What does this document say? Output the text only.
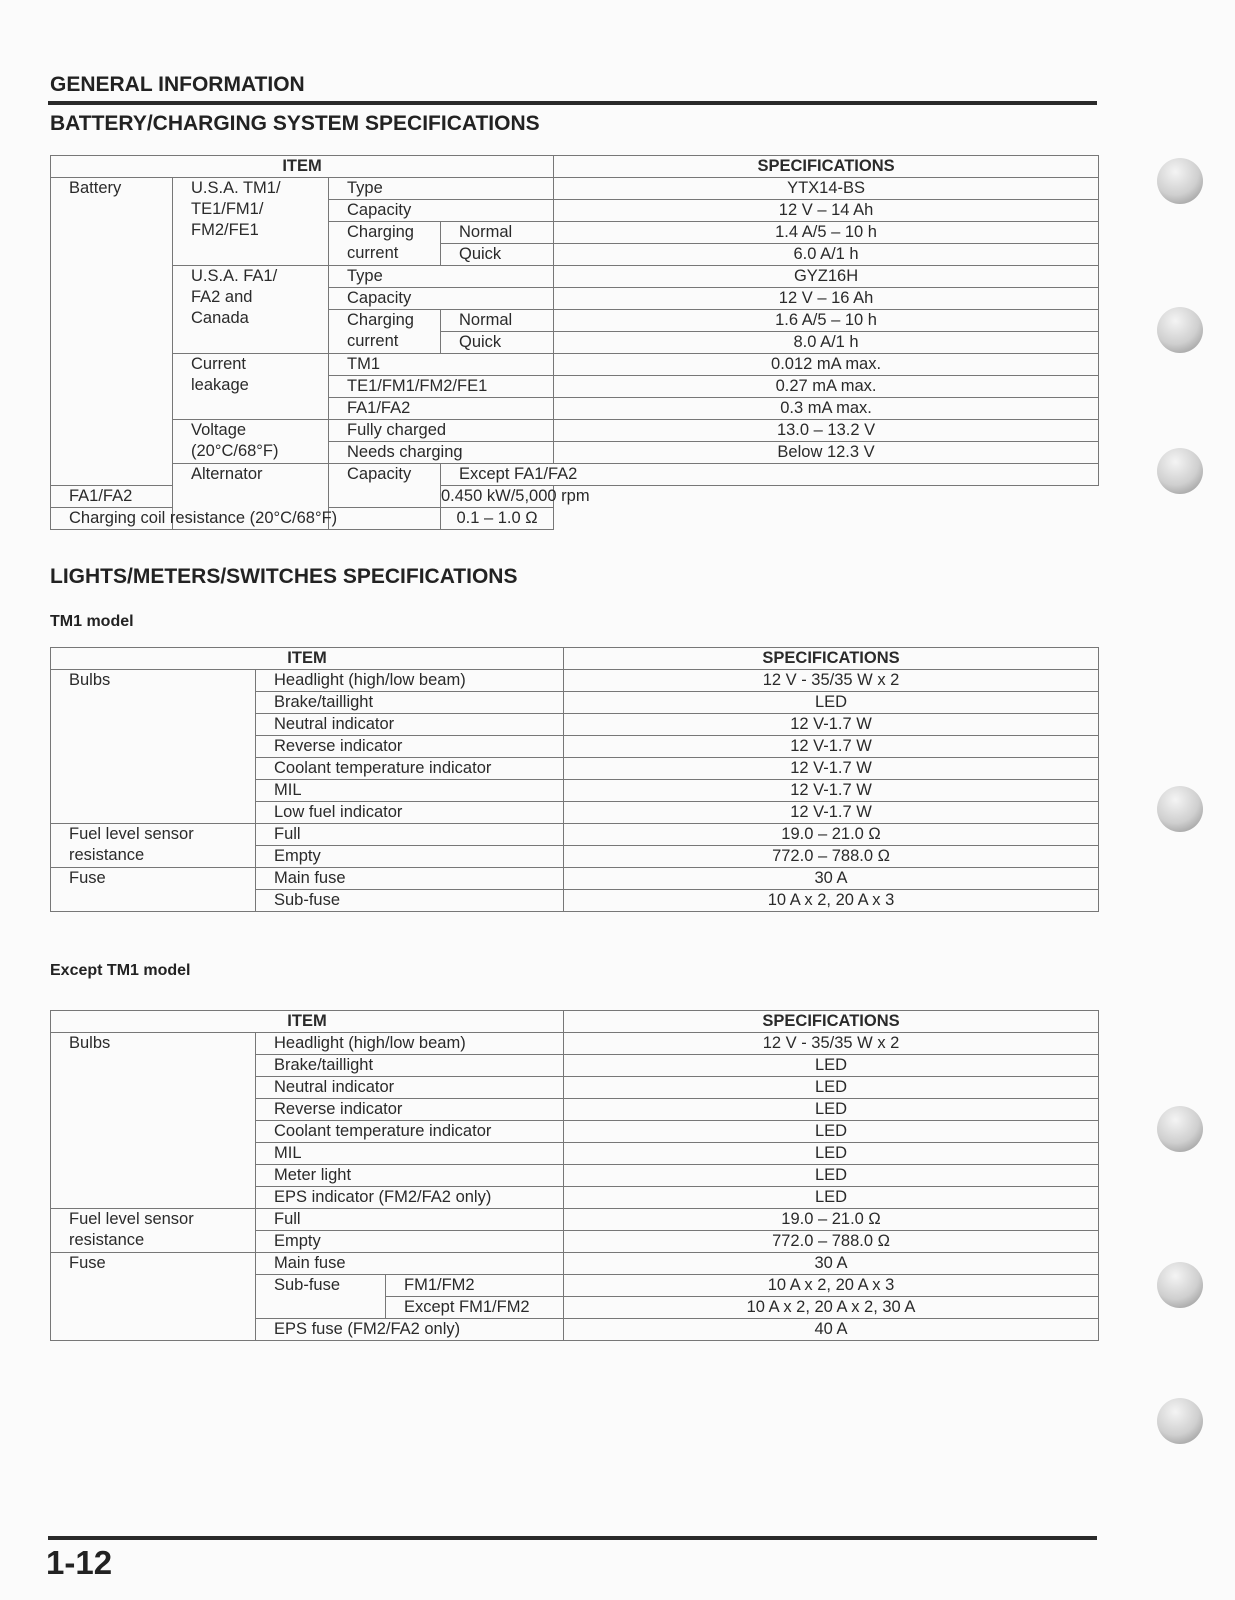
GENERAL INFORMATION
BATTERY/CHARGING SYSTEM SPECIFICATIONS
ITEM				SPECIFICATIONS	
Battery	U.S.A. TM1/ TE1/FM1/ FM2/FE1	Type		YTX14-BS	
		Capacity		12 V – 14 Ah	
		Charging current	Normal	1.4 A/5 – 10 h	
			Quick	6.0 A/1 h	
	U.S.A. FA1/ FA2 and Canada	Type		GYZ16H	
		Capacity		12 V – 16 Ah	
		Charging current	Normal	1.6 A/5 – 10 h	
			Quick	8.0 A/1 h	
	Current leakage	TM1		0.012 mA max.	
		TE1/FM1/FM2/FE1		0.27 mA max.	
		FA1/FA2		0.3 mA max.	
	Voltage (20°C/68°F)	Fully charged		13.0 – 13.2 V	
		Needs charging		Below 12.3 V	
	Alternator	Capacity	Except FA1/FA2	
FA1/FA2			0.450 kW/5,000 rpm		
Charging coil resistance (20°C/68°F)			0.1 – 1.0 Ω		
LIGHTS/METERS/SWITCHES SPECIFICATIONS
TM1 model
ITEM		SPECIFICATIONS
Bulbs	Headlight (high/low beam)	12 V - 35/35 W x 2
	Brake/taillight	LED
	Neutral indicator	12 V-1.7 W
	Reverse indicator	12 V-1.7 W
	Coolant temperature indicator	12 V-1.7 W
	MIL	12 V-1.7 W
	Low fuel indicator	12 V-1.7 W
Fuel level sensor resistance	Full	19.0 – 21.0 Ω
	Empty	772.0 – 788.0 Ω
Fuse	Main fuse	30 A
	Sub-fuse	10 A x 2, 20 A x 3
Except TM1 model
ITEM			SPECIFICATIONS
Bulbs	Headlight (high/low beam)		12 V - 35/35 W x 2
	Brake/taillight		LED
	Neutral indicator		LED
	Reverse indicator		LED
	Coolant temperature indicator		LED
	MIL		LED
	Meter light		LED
	EPS indicator (FM2/FA2 only)		LED
Fuel level sensor resistance	Full		19.0 – 21.0 Ω
	Empty		772.0 – 788.0 Ω
Fuse	Main fuse		30 A
	Sub-fuse	FM1/FM2	10 A x 2, 20 A x 3
		Except FM1/FM2	10 A x 2, 20 A x 2, 30 A
	EPS fuse (FM2/FA2 only)		40 A
1-12
